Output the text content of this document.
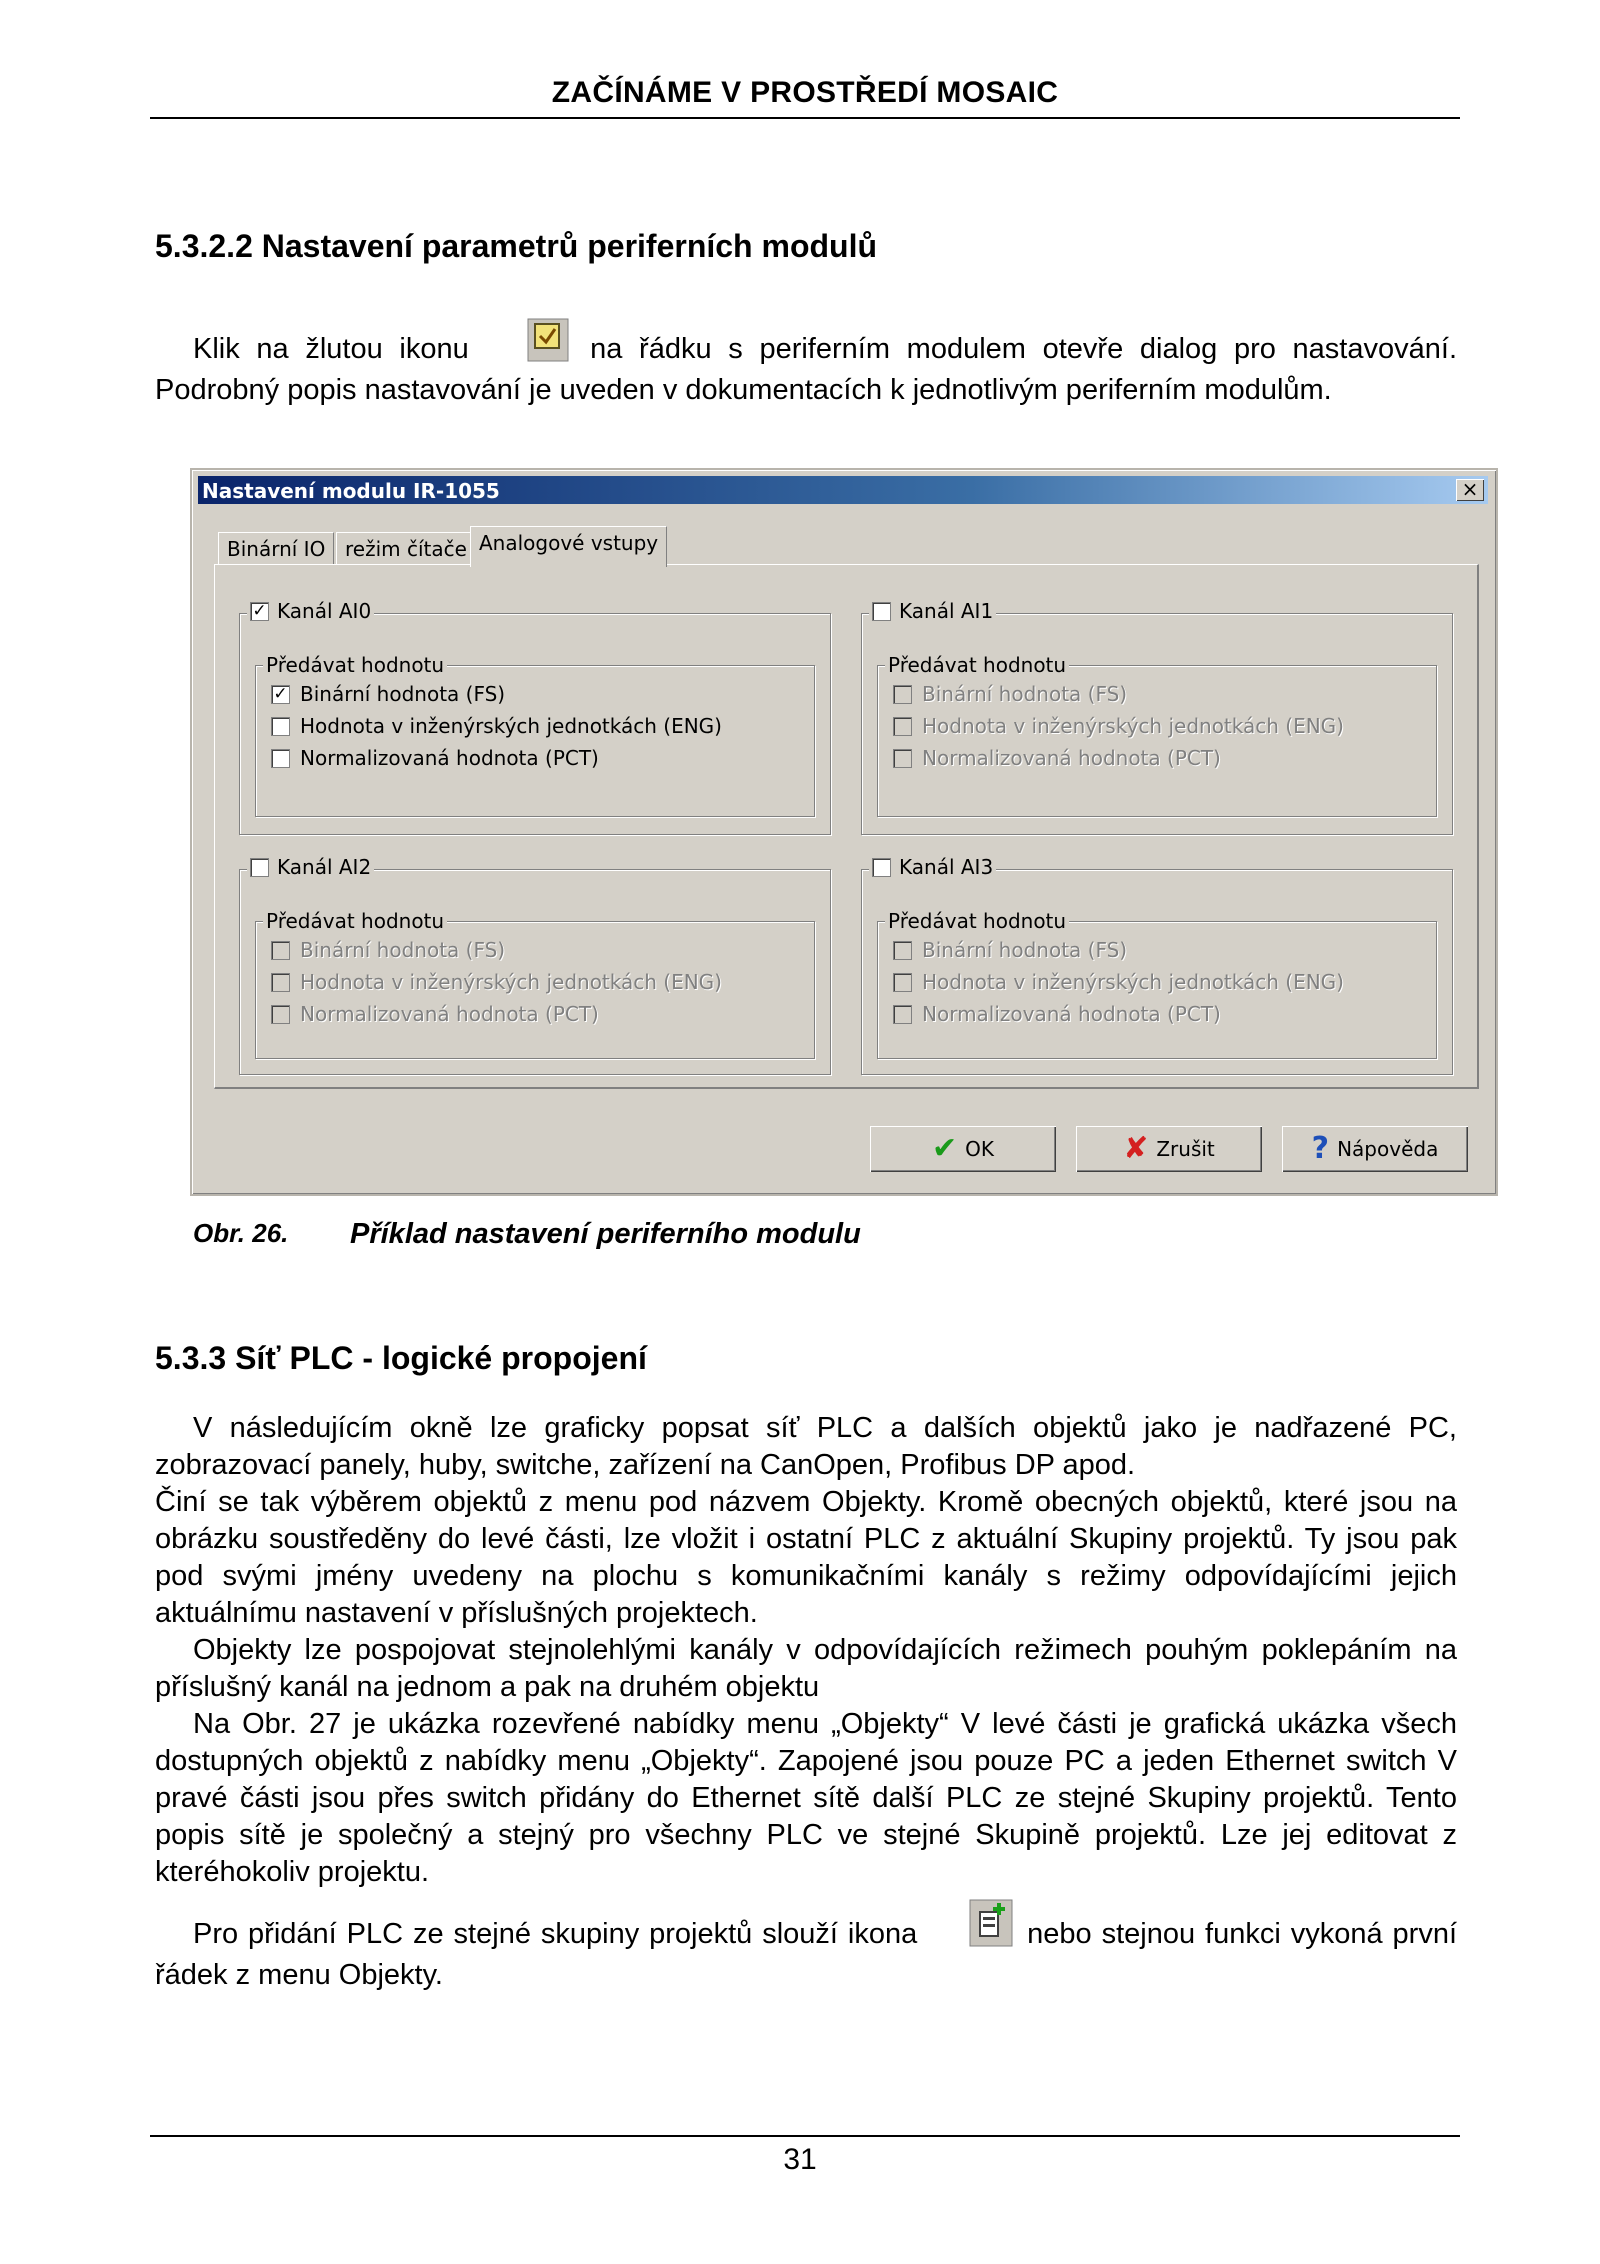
ZAČÍNÁME V PROSTŘEDÍ MOSAIC
5.3.2.2 Nastavení parametrů periferních modulů

Klik na žlutou ikonu	na řádku s periferním modulem otevře dialog pro nastavování. Podrobný popis nastavování je uveden v dokumentacích k jednotlivým periferním modulům.

Nastavení modulu IR-1055	×
Binární IO režim čítače Analogové vstupy
✓ Kanál AI0
Předávat hodnotu
✓ Binární hodnota (FS)
Hodnota v inženýrských jednotkách (ENG)
Normalizovaná hodnota (PCT)
Kanál AI1
Předávat hodnotu
Binární hodnota (FS)
Hodnota v inženýrských jednotkách (ENG)
Normalizovaná hodnota (PCT)
Kanál AI2
Předávat hodnotu
Binární hodnota (FS)
Hodnota v inženýrských jednotkách (ENG)
Normalizovaná hodnota (PCT)
Kanál AI3
Předávat hodnotu
Binární hodnota (FS)
Hodnota v inženýrských jednotkách (ENG)
Normalizovaná hodnota (PCT)
✔ OK	✘ Zrušit	? Nápověda
Obr. 26. Příklad nastavení periferního modulu
5.3.3 Síť PLC - logické propojení

V následujícím okně lze graficky popsat síť PLC a dalších objektů jako je nadřazené PC, zobrazovací panely, huby, switche, zařízení na CanOpen, Profibus DP apod.

Činí se tak výběrem objektů z menu pod názvem Objekty. Kromě obecných objektů, které jsou na obrázku soustředěny do levé části, lze vložit i ostatní PLC z aktuální Skupiny projektů. Ty jsou pak pod svými jmény uvedeny na plochu s komunikačními kanály s režimy odpovídajícími jejich aktuálnímu nastavení v příslušných projektech.

Objekty lze pospojovat stejnolehlými kanály v odpovídajících režimech pouhým poklepáním na příslušný kanál na jednom a pak na druhém objektu

Na Obr. 27 je ukázka rozevřené nabídky menu „Objekty“ V levé části je grafická ukázka všech dostupných objektů z nabídky menu „Objekty“. Zapojené jsou pouze PC a jeden Ethernet switch V pravé části jsou přes switch přidány do Ethernet sítě další PLC ze stejné Skupiny projektů. Tento popis sítě je společný a stejný pro všechny PLC ve stejné Skupině projektů. Lze jej editovat z kteréhokoliv projektu.

Pro přidání PLC ze stejné skupiny projektů slouží ikona	nebo stejnou funkci vykoná první řádek z menu Objekty.

31
